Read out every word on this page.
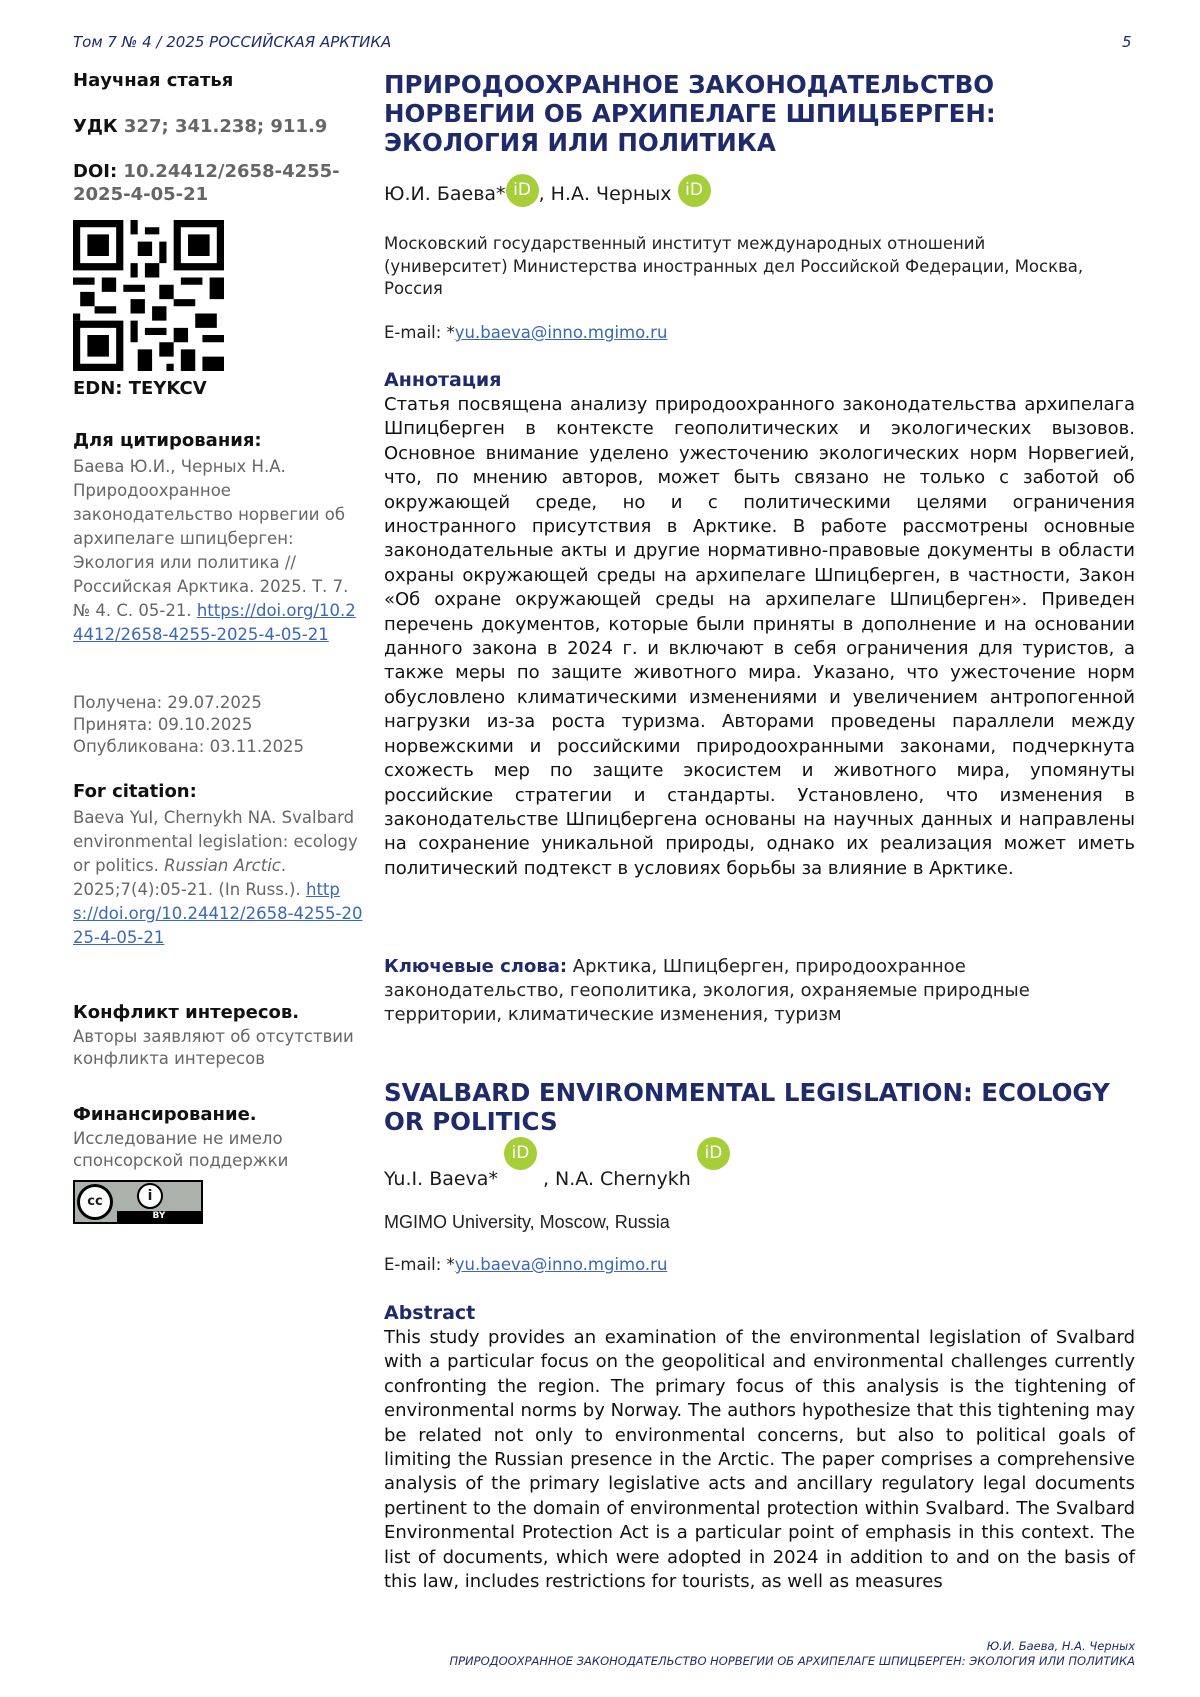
Том 7 № 4 / 2025 РОССИЙСКАЯ АРКТИКА	5
Научная статья
УДК 327; 341.238; 911.9
DOI: 10.24412/2658-4255-2025-4-05-21
EDN: TEYKCV
Для цитирования:
Баева Ю.И., Черных Н.А. Природоохранное законодательство норвегии об архипелаге шпицберген: Экология или политика // Российская Арктика. 2025. Т. 7. № 4. С. 05-21. https://doi.org/10.24412/2658-4255-2025-4-05-21
Получена: 29.07.2025
Принята: 09.10.2025
Опубликована: 03.11.2025
For citation:
Baeva YuI, Chernykh NA. Svalbard environmental legislation: ecology or politics. Russian Arctic. 2025;7(4):05-21. (In Russ.). https://doi.org/10.24412/2658-4255-2025-4-05-21
Конфликт интересов.
Авторы заявляют об отсутствии конфликта интересов
Финансирование.
Исследование не имело спонсорской поддержки
cc	i
BY
ПРИРОДООХРАННОЕ ЗАКОНОДАТЕЛЬСТВО НОРВЕГИИ ОБ АРХИПЕЛАГЕ ШПИЦБЕРГЕН: ЭКОЛОГИЯ ИЛИ ПОЛИТИКА
Ю.И. Баева* iD , Н.А. Черных iD
Московский государственный институт международных отношений (университет) Министерства иностранных дел Российской Федерации, Москва, Россия
E-mail: *yu.baeva@inno.mgimo.ru
Аннотация
Статья посвящена анализу природоохранного законодательства архипелага Шпицберген в контексте геополитических и экологических вызовов. Основное внимание уделено ужесточению экологических норм Норвегией, что, по мнению авторов, может быть связано не только с заботой об окружающей среде, но и с политическими целями ограничения иностранного присутствия в Арктике. В работе рассмотрены основные законодательные акты и другие нормативно-правовые документы в области охраны окружающей среды на архипелаге Шпицберген, в частности, Закон «Об охране окружающей среды на архипелаге Шпицберген». Приведен перечень документов, которые были приняты в дополнение и на основании данного закона в 2024 г. и включают в себя ограничения для туристов, а также меры по защите животного мира. Указано, что ужесточение норм обусловлено климатическими изменениями и увеличением антропогенной нагрузки из-за роста туризма. Авторами проведены параллели между норвежскими и российскими природоохранными законами, подчеркнута схожесть мер по защите экосистем и животного мира, упомянуты российские стратегии и стандарты. Установлено, что изменения в законодательстве Шпицбергена основаны на научных данных и направлены на сохранение уникальной природы, однако их реализация может иметь политический подтекст в условиях борьбы за влияние в Арктике.
Ключевые слова: Арктика, Шпицберген, природоохранное законодательство, геополитика, экология, охраняемые природные территории, климатические изменения, туризм
SVALBARD ENVIRONMENTAL LEGISLATION: ECOLOGY OR POLITICS
Yu.I. Baeva*iD, N.A. Chernykh iD
MGIMO University, Moscow, Russia
E-mail: *yu.baeva@inno.mgimo.ru
Abstract
This study provides an examination of the environmental legislation of Svalbard with a particular focus on the geopolitical and environmental challenges currently confronting the region. The primary focus of this analysis is the tightening of environmental norms by Norway. The authors hypothesize that this tightening may be related not only to environmental concerns, but also to political goals of limiting the Russian presence in the Arctic. The paper comprises a comprehensive analysis of the primary legislative acts and ancillary regulatory legal documents pertinent to the domain of environmental protection within Svalbard. The Svalbard Environmental Protection Act is a particular point of emphasis in this context. The list of documents, which were adopted in 2024 in addition to and on the basis of this law, includes restrictions for tourists, as well as measures
Ю.И. Баева, Н.А. Черных
ПРИРОДООХРАННОЕ ЗАКОНОДАТЕЛЬСТВО НОРВЕГИИ ОБ АРХИПЕЛАГЕ ШПИЦБЕРГЕН: ЭКОЛОГИЯ ИЛИ ПОЛИТИКА
